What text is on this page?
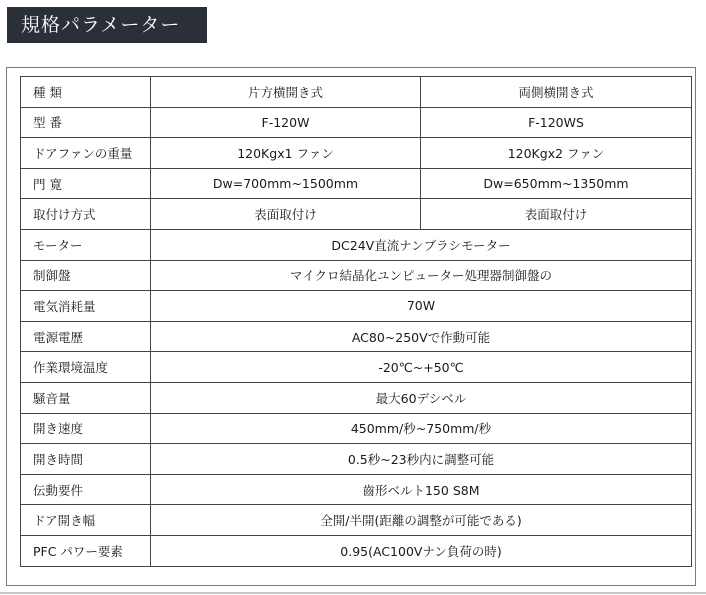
規格パラメーター
種 類	片方横開き式	両側横開き式
型 番	F-120W	F-120WS
ドアファンの重量	120Kgx1 ファン	120Kgx2 ファン
門 寛	Dw=700mm~1500mm	Dw=650mm~1350mm
取付け方式	表面取付け	表面取付け
モーター	DC24V直流ナンブラシモーター	
制御盤	マイクロ結晶化ユンピューター処理器制御盤の	
電気消耗量	70W	
電源電歷	AC80~250Vで作動可能	
作業環境温度	-20℃~+50℃	
騒音量	最大60デシベル	
開き速度	450mm/秒~750mm/秒	
開き時間	0.5秒~23秒内に調整可能	
伝動要件	齒形ベルト150 S8M	
ドア開き幅	全開/半開(距離の調整が可能である)	
PFC パワー要素	0.95(AC100Vナン負荷の時)	
